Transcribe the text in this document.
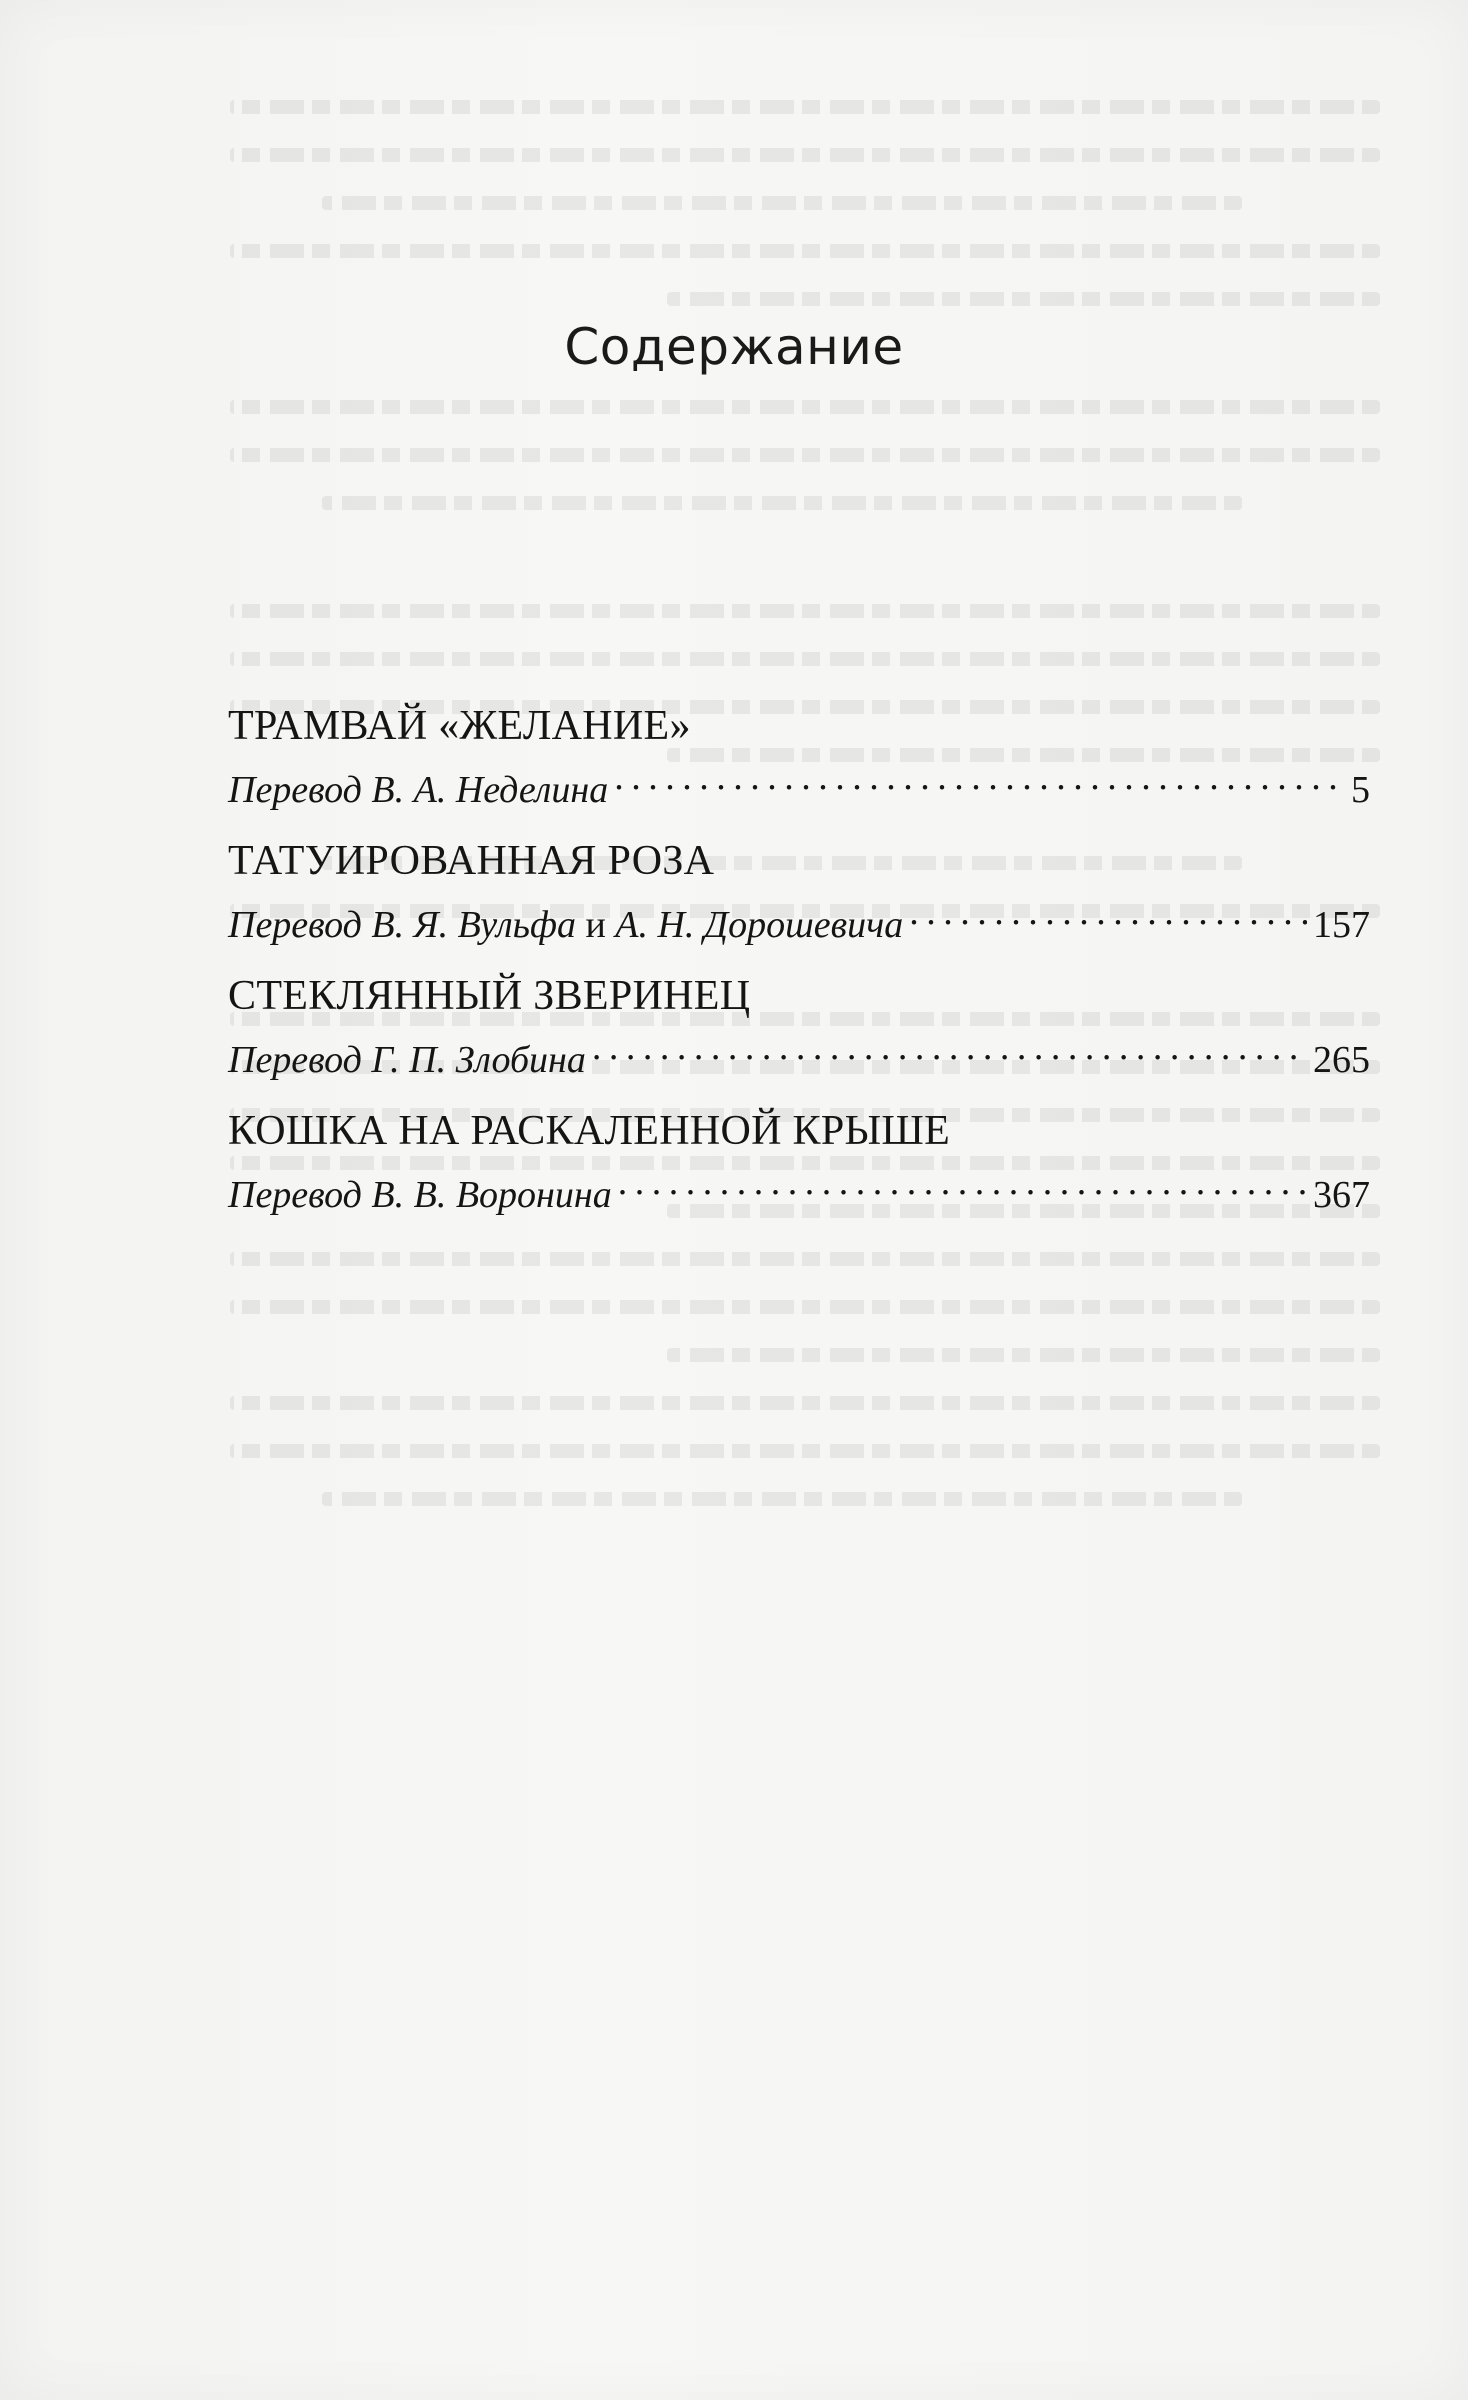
Содержание
ТРАМВАЙ «ЖЕЛАНИЕ»
Перевод В. А. Неделина . . .	5
ТАТУИРОВАННАЯ РОЗА
Перевод В. Я. Вульфа и А. Н. Дорошевича . . .	157
СТЕКЛЯННЫЙ ЗВЕРИНЕЦ
Перевод Г. П. Злобина . . .	265
КОШКА НА РАСКАЛЕННОЙ КРЫШЕ
Перевод В. В. Воронина . . .	367
